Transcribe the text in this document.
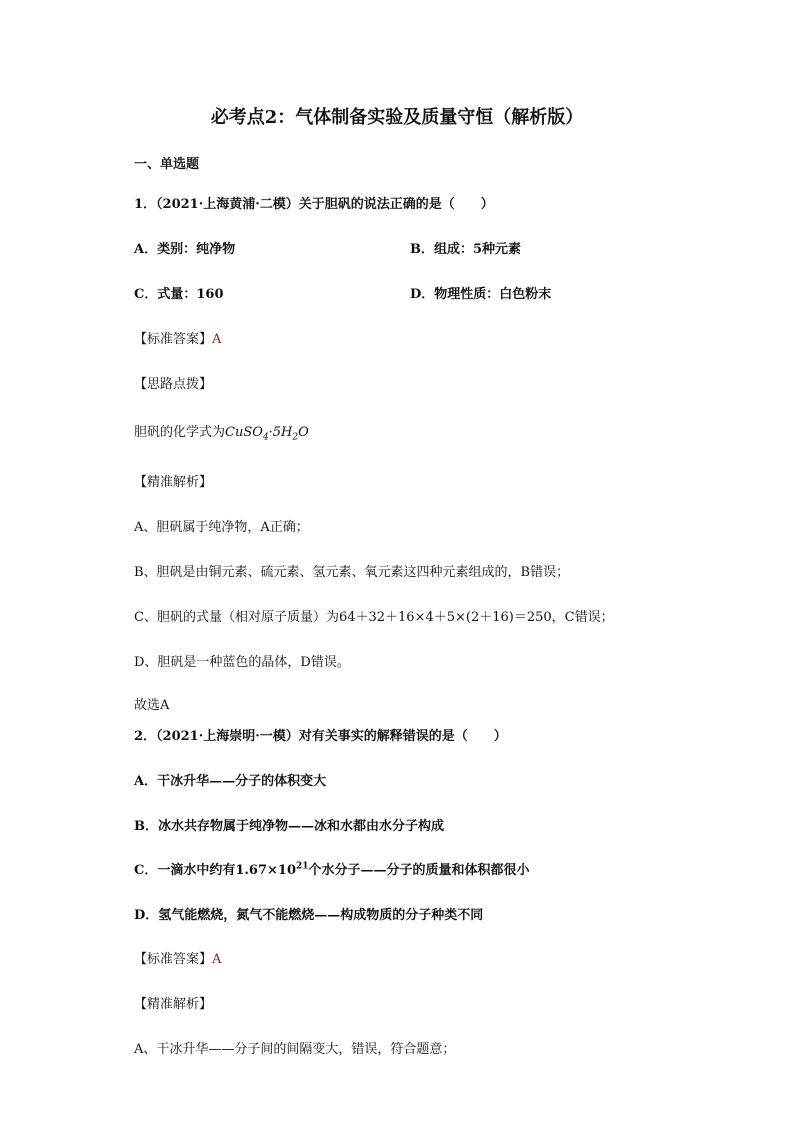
必考点2：气体制备实验及质量守恒（解析版）
一、单选题
1．（2021·上海黄浦·二模）关于胆矾的说法正确的是（　　）
A．类别：纯净物	B．组成：5种元素
C．式量：160	D．物理性质：白色粉末
【标准答案】A
【思路点拨】
胆矾的化学式为$CuSO_4\cdot 5H_2O$
【精准解析】
A、胆矾属于纯净物，A正确；
B、胆矾是由铜元素、硫元素、氢元素、氧元素这四种元素组成的，B错误；
C、胆矾的式量（相对原子质量）为64＋32＋16×4＋5×(2＋16)＝250，C错误；
D、胆矾是一种蓝色的晶体，D错误。
故选A
2．（2021·上海崇明·一模）对有关事实的解释错误的是（　　）
A．干冰升华——分子的体积变大
B．冰水共存物属于纯净物——冰和水都由水分子构成
C．一滴水中约有$1.67\times 10^{21}$个水分子——分子的质量和体积都很小
D．氢气能燃烧，氮气不能燃烧——构成物质的分子种类不同
【标准答案】A
【精准解析】
A、干冰升华——分子间的间隔变大，错误，符合题意；
